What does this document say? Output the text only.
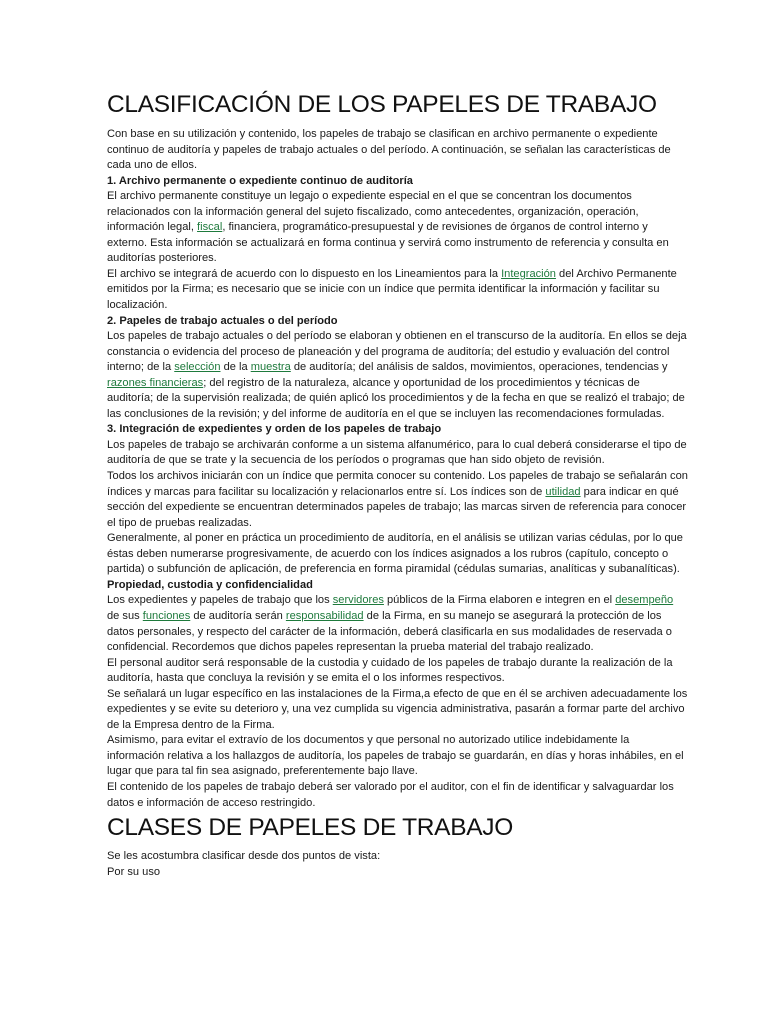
CLASIFICACIÓN DE LOS PAPELES DE TRABAJO

Con base en su utilización y contenido, los papeles de trabajo se clasifican en archivo permanente o expediente continuo de auditoría y papeles de trabajo actuales o del período. A continuación, se señalan las características de cada uno de ellos.

1. Archivo permanente o expediente continuo de auditoría

El archivo permanente constituye un legajo o expediente especial en el que se concentran los documentos relacionados con la información general del sujeto fiscalizado, como antecedentes, organización, operación, información legal, fiscal, financiera, programático-presupuestal y de revisiones de órganos de control interno y externo. Esta información se actualizará en forma continua y servirá como instrumento de referencia y consulta en auditorías posteriores.

El archivo se integrará de acuerdo con lo dispuesto en los Lineamientos para la Integración del Archivo Permanente emitidos por la Firma; es necesario que se inicie con un índice que permita identificar la información y facilitar su localización.

2. Papeles de trabajo actuales o del período

Los papeles de trabajo actuales o del período se elaboran y obtienen en el transcurso de la auditoría. En ellos se deja constancia o evidencia del proceso de planeación y del programa de auditoría; del estudio y evaluación del control interno; de la selección de la muestra de auditoría; del análisis de saldos, movimientos, operaciones, tendencias y razones financieras; del registro de la naturaleza, alcance y oportunidad de los procedimientos y técnicas de auditoría; de la supervisión realizada; de quién aplicó los procedimientos y de la fecha en que se realizó el trabajo; de las conclusiones de la revisión; y del informe de auditoría en el que se incluyen las recomendaciones formuladas.

3. Integración de expedientes y orden de los papeles de trabajo

Los papeles de trabajo se archivarán conforme a un sistema alfanumérico, para lo cual deberá considerarse el tipo de auditoría de que se trate y la secuencia de los períodos o programas que han sido objeto de revisión.

Todos los archivos iniciarán con un índice que permita conocer su contenido. Los papeles de trabajo se señalarán con índices y marcas para facilitar su localización y relacionarlos entre sí. Los índices son de utilidad para indicar en qué sección del expediente se encuentran determinados papeles de trabajo; las marcas sirven de referencia para conocer el tipo de pruebas realizadas.

Generalmente, al poner en práctica un procedimiento de auditoría, en el análisis se utilizan varias cédulas, por lo que éstas deben numerarse progresivamente, de acuerdo con los índices asignados a los rubros (capítulo, concepto o partida) o subfunción de aplicación, de preferencia en forma piramidal (cédulas sumarias, analíticas y subanalíticas).

Propiedad, custodia y confidencialidad

Los expedientes y papeles de trabajo que los servidores públicos de la Firma elaboren e integren en el desempeño de sus funciones de auditoría serán responsabilidad de la Firma, en su manejo se asegurará la protección de los datos personales, y respecto del carácter de la información, deberá clasificarla en sus modalidades de reservada o confidencial. Recordemos que dichos papeles representan la prueba material del trabajo realizado.

El personal auditor será responsable de la custodia y cuidado de los papeles de trabajo durante la realización de la auditoría, hasta que concluya la revisión y se emita el o los informes respectivos.

Se señalará un lugar específico en las instalaciones de la Firma,a efecto de que en él se archiven adecuadamente los expedientes y se evite su deterioro y, una vez cumplida su vigencia administrativa, pasarán a formar parte del archivo de la Empresa dentro de la Firma.

Asimismo, para evitar el extravío de los documentos y que personal no autorizado utilice indebidamente la información relativa a los hallazgos de auditoría, los papeles de trabajo se guardarán, en días y horas inhábiles, en el lugar que para tal fin sea asignado, preferentemente bajo llave.

El contenido de los papeles de trabajo deberá ser valorado por el auditor, con el fin de identificar y salvaguardar los datos e información de acceso restringido.

CLASES DE PAPELES DE TRABAJO

Se les acostumbra clasificar desde dos puntos de vista:

Por su uso
